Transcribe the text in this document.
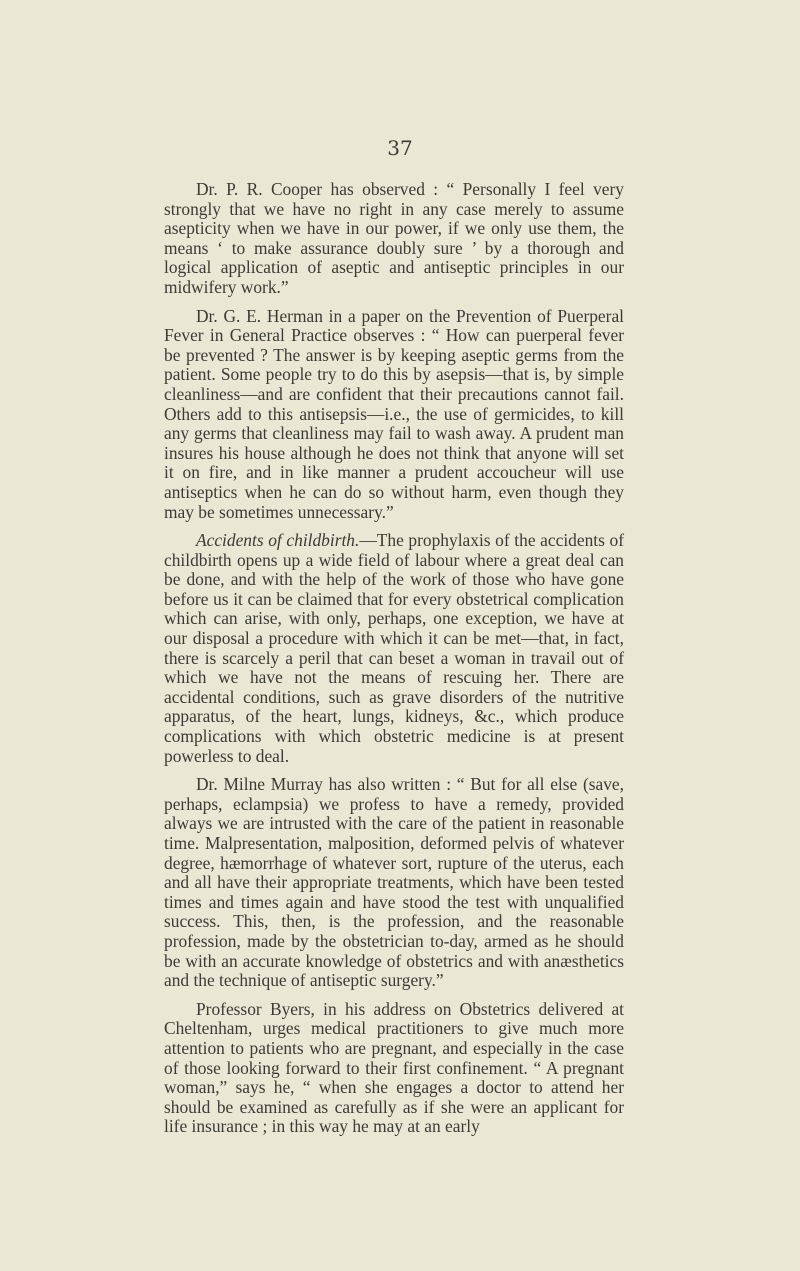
37

Dr. P. R. Cooper has observed : “ Personally I feel very strongly that we have no right in any case merely to assume asepticity when we have in our power, if we only use them, the means ‘ to make assurance doubly sure ’ by a thorough and logical application of aseptic and antiseptic principles in our midwifery work.”

Dr. G. E. Herman in a paper on the Prevention of Puerperal Fever in General Practice observes : “ How can puerperal fever be prevented ? The answer is by keeping aseptic germs from the patient. Some people try to do this by asepsis—that is, by simple cleanliness—and are confident that their precautions cannot fail. Others add to this antisepsis—i.e., the use of germicides, to kill any germs that cleanliness may fail to wash away. A prudent man insures his house although he does not think that anyone will set it on fire, and in like manner a prudent accoucheur will use antiseptics when he can do so without harm, even though they may be sometimes unnecessary.”

Accidents of childbirth.—The prophylaxis of the accidents of childbirth opens up a wide field of labour where a great deal can be done, and with the help of the work of those who have gone before us it can be claimed that for every obstetrical complication which can arise, with only, perhaps, one exception, we have at our disposal a procedure with which it can be met—that, in fact, there is scarcely a peril that can beset a woman in travail out of which we have not the means of rescuing her. There are accidental conditions, such as grave disorders of the nutritive apparatus, of the heart, lungs, kidneys, &c., which produce complications with which obstetric medicine is at present powerless to deal.

Dr. Milne Murray has also written : “ But for all else (save, perhaps, eclampsia) we profess to have a remedy, provided always we are intrusted with the care of the patient in reasonable time. Malpresentation, malposition, deformed pelvis of whatever degree, hæmorrhage of whatever sort, rupture of the uterus, each and all have their appropriate treatments, which have been tested times and times again and have stood the test with unqualified success. This, then, is the profession, and the reasonable profession, made by the obstetrician to-day, armed as he should be with an accurate knowledge of obstetrics and with anæsthetics and the technique of antiseptic surgery.”

Professor Byers, in his address on Obstetrics delivered at Cheltenham, urges medical practitioners to give much more attention to patients who are pregnant, and especially in the case of those looking forward to their first confinement. “ A pregnant woman,” says he, “ when she engages a doctor to attend her should be examined as carefully as if she were an applicant for life insurance ; in this way he may at an early
